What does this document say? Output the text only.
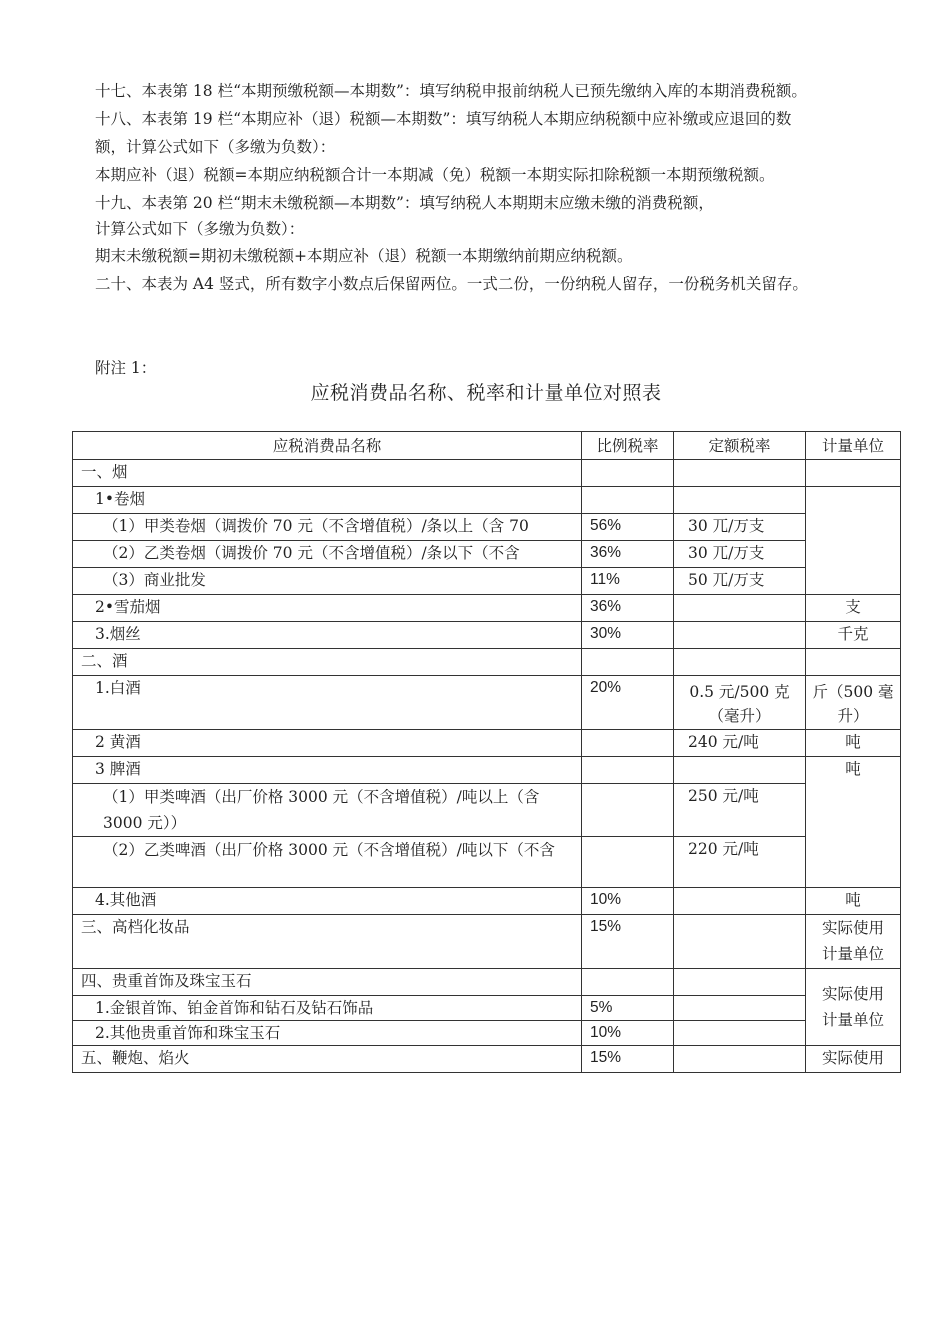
十七、本表第 18 栏“本期预缴税额—本期数”：填写纳税申报前纳税人已预先缴纳入库的本期消费税额。
十八、本表第 19 栏“本期应补（退）税额—本期数”：填写纳税人本期应纳税额中应补缴或应退回的数
额，计算公式如下（多缴为负数）：
本期应补（退）税额=本期应纳税额合计一本期减（免）税额一本期实际扣除税额一本期预缴税额。
十九、本表第 20 栏“期末未缴税额—本期数”：填写纳税人本期期末应缴未缴的消费税额，
计算公式如下（多缴为负数）：
期末未缴税额=期初未缴税额+本期应补（退）税额一本期缴纳前期应纳税额。
二十、本表为 A4 竖式，所有数字小数点后保留两位。一式二份，一份纳税人留存，一份税务机关留存。
附注 1：
应税消费品名称、税率和计量单位对照表
应税消费品名称	比例税率	定额税率	计量单位
一、烟			
1•卷烟			
（1）甲类卷烟（调拨价 70 元（不含增值税）/条以上（含 70	56%	30 兀/万支	
（2）乙类卷烟（调拨价 70 元（不含增值税）/条以下（不含	36%	30 兀/万支	
（3）商业批发	11%	50 兀/万支	
2•雪茄烟	36%		支
3.烟丝	30%		千克
二、酒			
1.白酒	20%	0.5 元/500 克（毫升）	斤（500 毫升）
2 黄酒		240 元/吨	吨
3 脾酒			吨
（1）甲类啤酒（出厂价格 3000 元（不含增值税）/吨以上（含 3000 元））		250 元/吨	

（2）乙类啤酒（出厂价格 3000 元（不含增值税）/吨以下（不含		220 元/吨	
4.其他酒	10%		吨
三、高档化妆品	15%		实际使用计量单位
四、贵重首饰及珠宝玉石			实际使用计量单位
1.金银首饰、铂金首饰和钻石及钻石饰品	5%		
2.其他贵重首饰和珠宝玉石	10%		
五、鞭炮、焰火	15%		实际使用
